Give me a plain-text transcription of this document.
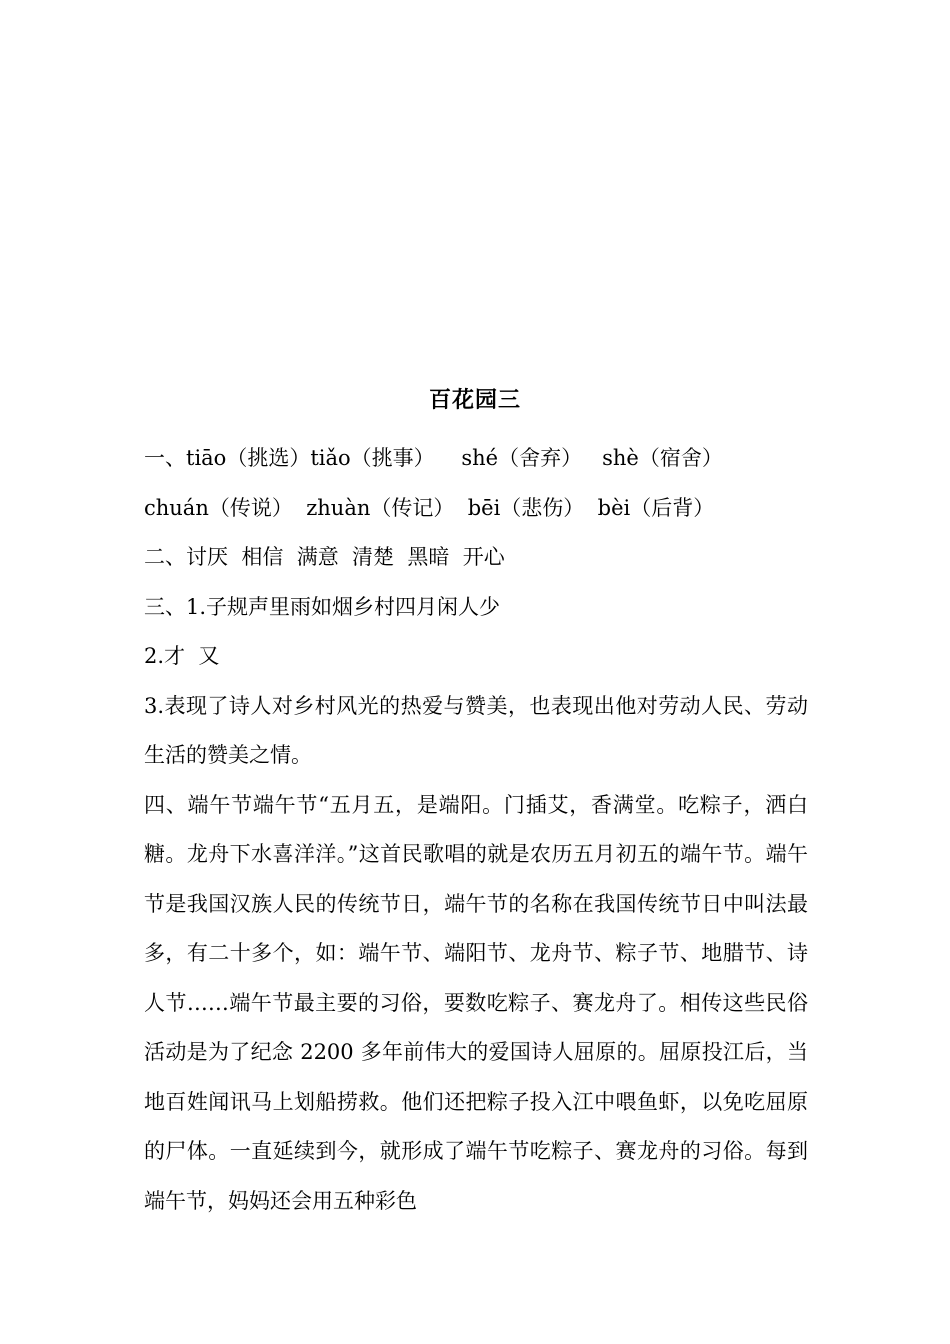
百花园三
一、tiāo（挑选）tiǎo（挑事）    shé（舍弃）   shè（宿舍）
chuán（传说）  zhuàn（传记）  bēi（悲伤）  bèi（后背）
二、讨厌  相信  满意  清楚  黑暗  开心
三、1.子规声里雨如烟乡村四月闲人少
2.才  又
3.表现了诗人对乡村风光的热爱与赞美，也表现出他对劳动人民、劳动生活的赞美之情。
四、端午节端午节“五月五，是端阳。门插艾，香满堂。吃粽子，洒白糖。龙舟下水喜洋洋。”这首民歌唱的就是农历五月初五的端午节。端午节是我国汉族人民的传统节日，端午节的名称在我国传统节日中叫法最多，有二十多个，如：端午节、端阳节、龙舟节、粽子节、地腊节、诗人节……端午节最主要的习俗，要数吃粽子、赛龙舟了。相传这些民俗活动是为了纪念 2200 多年前伟大的爱国诗人屈原的。屈原投江后，当地百姓闻讯马上划船捞救。他们还把粽子投入江中喂鱼虾，以免吃屈原的尸体。一直延续到今，就形成了端午节吃粽子、赛龙舟的习俗。每到端午节，妈妈还会用五种彩色
